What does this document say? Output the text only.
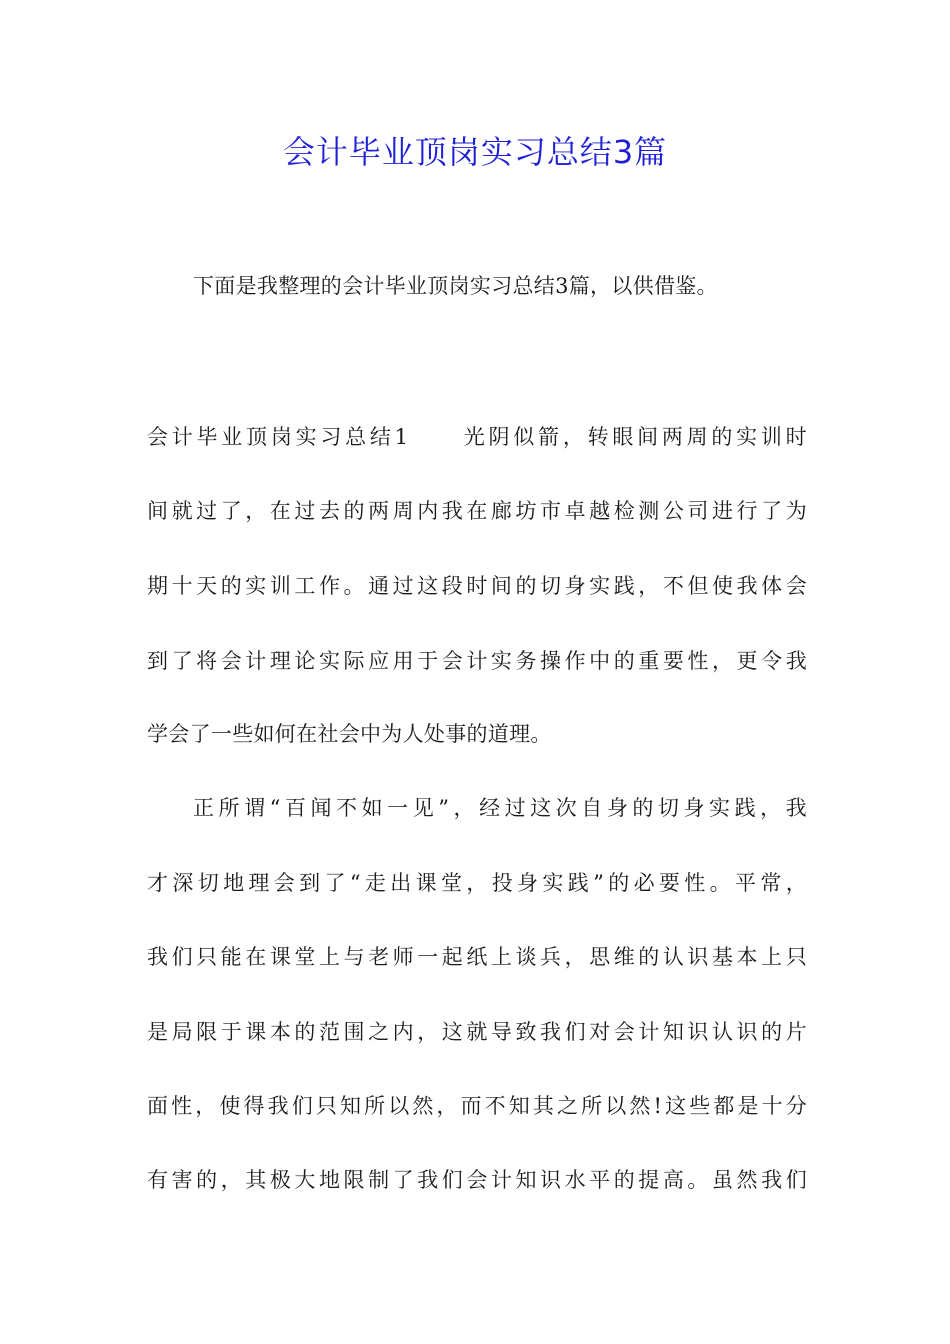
会计毕业顶岗实习总结3篇
下面是我整理的会计毕业顶岗实习总结3篇，以供借鉴。
会计毕业顶岗实习总结1 光阴似箭，转眼间两周的实训时
间就过了，在过去的两周内我在廊坊市卓越检测公司进行了为
期十天的实训工作。通过这段时间的切身实践，不但使我体会
到了将会计理论实际应用于会计实务操作中的重要性，更令我
学会了一些如何在社会中为人处事的道理。
正所谓“百闻不如一见”，经过这次自身的切身实践，我
才深切地理会到了“走出课堂，投身实践”的必要性。平常，
我们只能在课堂上与老师一起纸上谈兵，思维的认识基本上只
是局限于课本的范围之内，这就导致我们对会计知识认识的片
面性，使得我们只知所以然，而不知其之所以然!这些都是十分
有害的，其极大地限制了我们会计知识水平的提高。虽然我们
